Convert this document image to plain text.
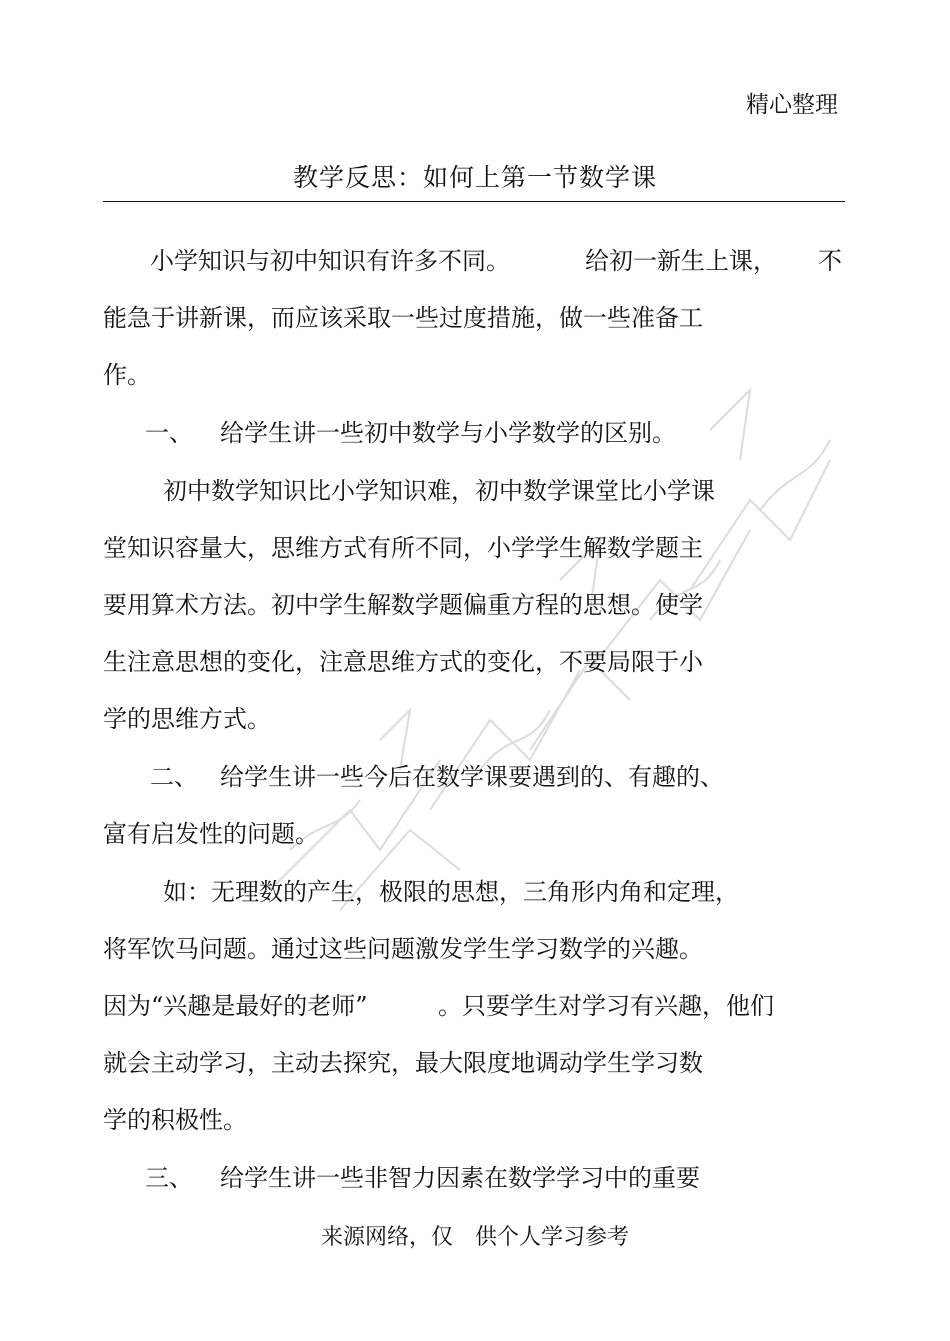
精心整理
教学反思：如何上第一节数学课
小学知识与初中知识有许多不同。	给初一新生上课， 不
能急于讲新课，而应该采取一些过度措施，做一些准备工
作。
一、 给学生讲一些初中数学与小学数学的区别。
初中数学知识比小学知识难，初中数学课堂比小学课
堂知识容量大，思维方式有所不同，小学学生解数学题主
要用算术方法。初中学生解数学题偏重方程的思想。使学
生注意思想的变化，注意思维方式的变化，不要局限于小
学的思维方式。
二、 给学生讲一些今后在数学课要遇到的、有趣的、
富有启发性的问题。
如：无理数的产生，极限的思想，三角形内角和定理，
将军饮马问题。通过这些问题激发学生学习数学的兴趣。
因为“兴趣是最好的老师”	。只要学生对学习有兴趣，他们
就会主动学习，主动去探究，最大限度地调动学生学习数
学的积极性。
三、 给学生讲一些非智力因素在数学学习中的重要
来源网络，仅　供个人学习参考
